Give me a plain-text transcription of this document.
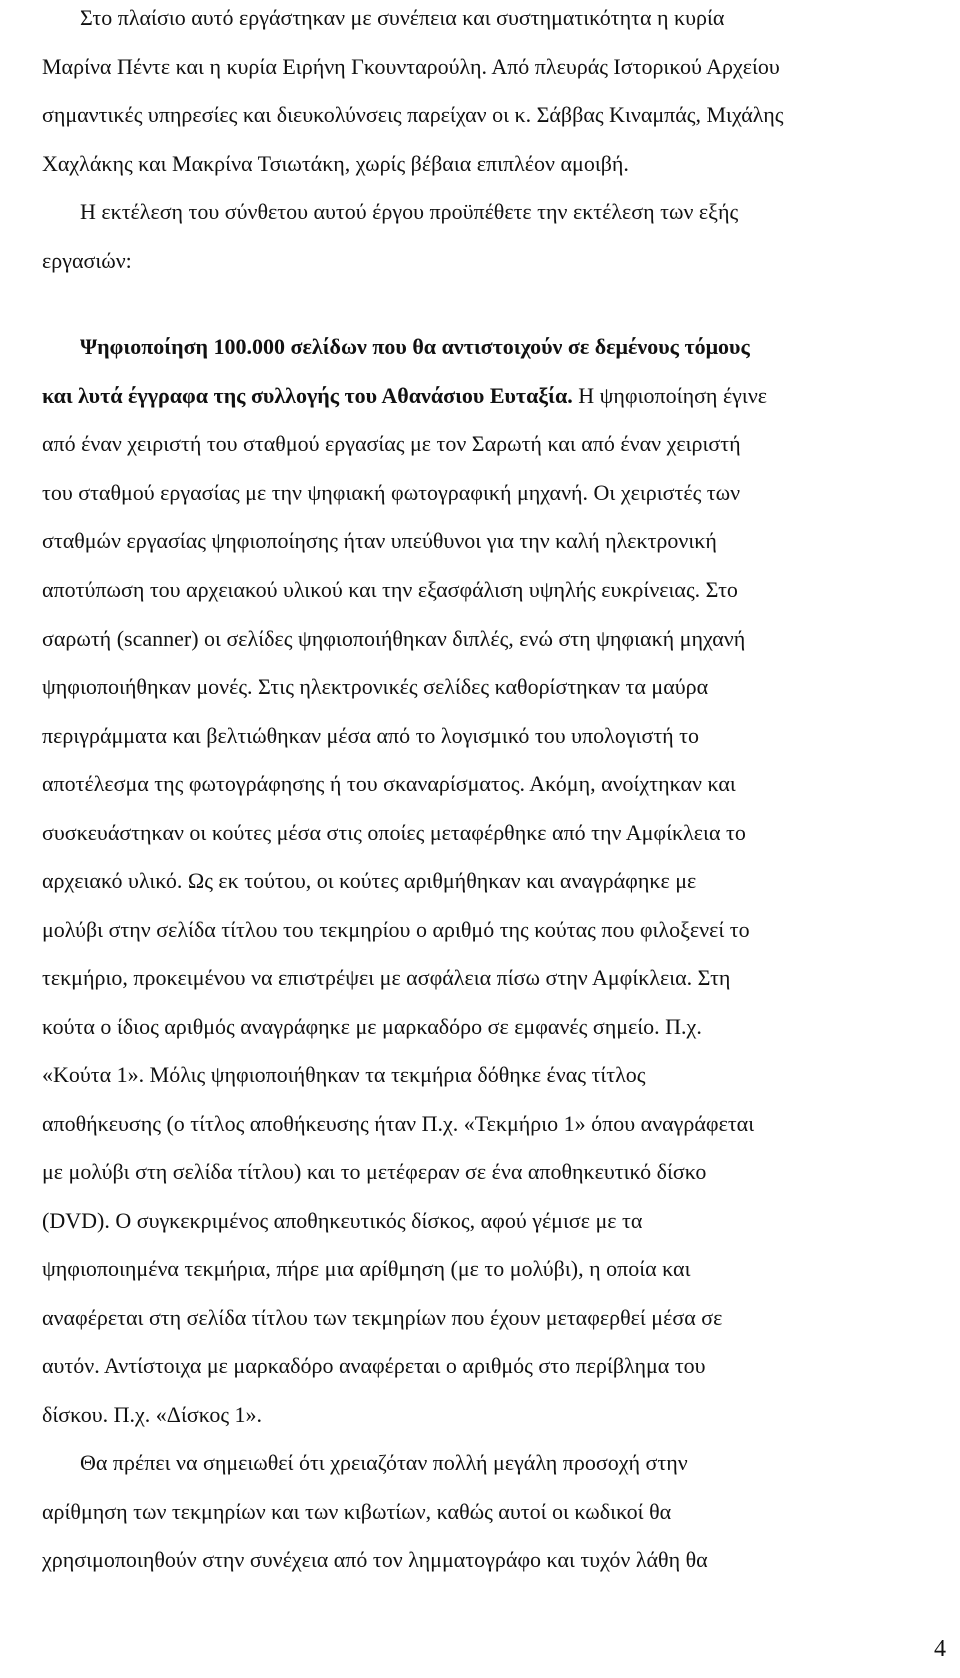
Στο πλαίσιο αυτό εργάστηκαν με συνέπεια και συστηματικότητα η κυρία

Μαρίνα Πέντε και η κυρία Ειρήνη Γκουνταρούλη. Από πλευράς Ιστορικού Αρχείου

σημαντικές υπηρεσίες και διευκολύνσεις παρείχαν οι κ. Σάββας Κιναμπάς, Μιχάλης

Χαχλάκης και Μακρίνα Τσιωτάκη, χωρίς βέβαια επιπλέον αμοιβή.

Η εκτέλεση του σύνθετου αυτού έργου προϋπέθετε την εκτέλεση των εξής

εργασιών:

Ψηφιοποίηση 100.000 σελίδων που θα αντιστοιχούν σε δεμένους τόμους

και λυτά έγγραφα της συλλογής του Αθανάσιου Ευταξία. Η ψηφιοποίηση έγινε

από έναν χειριστή του σταθμού εργασίας με τον Σαρωτή και από έναν χειριστή

του σταθμού εργασίας με την ψηφιακή φωτογραφική μηχανή. Οι χειριστές των

σταθμών εργασίας ψηφιοποίησης ήταν υπεύθυνοι για την καλή ηλεκτρονική

αποτύπωση του αρχειακού υλικού και την εξασφάλιση υψηλής ευκρίνειας. Στο

σαρωτή (scanner) οι σελίδες ψηφιοποιήθηκαν διπλές, ενώ στη ψηφιακή μηχανή

ψηφιοποιήθηκαν μονές. Στις ηλεκτρονικές σελίδες καθορίστηκαν τα μαύρα

περιγράμματα και βελτιώθηκαν μέσα από το λογισμικό του υπολογιστή το

αποτέλεσμα της φωτογράφησης ή του σκαναρίσματος. Ακόμη, ανοίχτηκαν και

συσκευάστηκαν οι κούτες μέσα στις οποίες μεταφέρθηκε από την Αμφίκλεια το

αρχειακό υλικό. Ως εκ τούτου, οι κούτες αριθμήθηκαν και αναγράφηκε με

μολύβι στην σελίδα τίτλου του τεκμηρίου ο αριθμό της κούτας που φιλοξενεί το

τεκμήριο, προκειμένου να επιστρέψει με ασφάλεια πίσω στην Αμφίκλεια. Στη

κούτα ο ίδιος αριθμός αναγράφηκε με μαρκαδόρο σε εμφανές σημείο. Π.χ.

«Κούτα 1». Μόλις ψηφιοποιήθηκαν τα τεκμήρια δόθηκε ένας τίτλος

αποθήκευσης (ο τίτλος αποθήκευσης ήταν Π.χ. «Τεκμήριο 1» όπου αναγράφεται

με μολύβι στη σελίδα τίτλου) και το μετέφεραν σε ένα αποθηκευτικό δίσκο

(DVD). Ο συγκεκριμένος αποθηκευτικός δίσκος, αφού γέμισε με τα

ψηφιοποιημένα τεκμήρια, πήρε μια αρίθμηση (με το μολύβι), η οποία και

αναφέρεται στη σελίδα τίτλου των τεκμηρίων που έχουν μεταφερθεί μέσα σε

αυτόν. Αντίστοιχα με μαρκαδόρο αναφέρεται ο αριθμός στο περίβλημα του

δίσκου. Π.χ. «Δίσκος 1».

Θα πρέπει να σημειωθεί ότι χρειαζόταν πολλή μεγάλη προσοχή στην

αρίθμηση των τεκμηρίων και των κιβωτίων, καθώς αυτοί οι κωδικοί θα

χρησιμοποιηθούν στην συνέχεια από τον λημματογράφο και τυχόν λάθη θα

4
